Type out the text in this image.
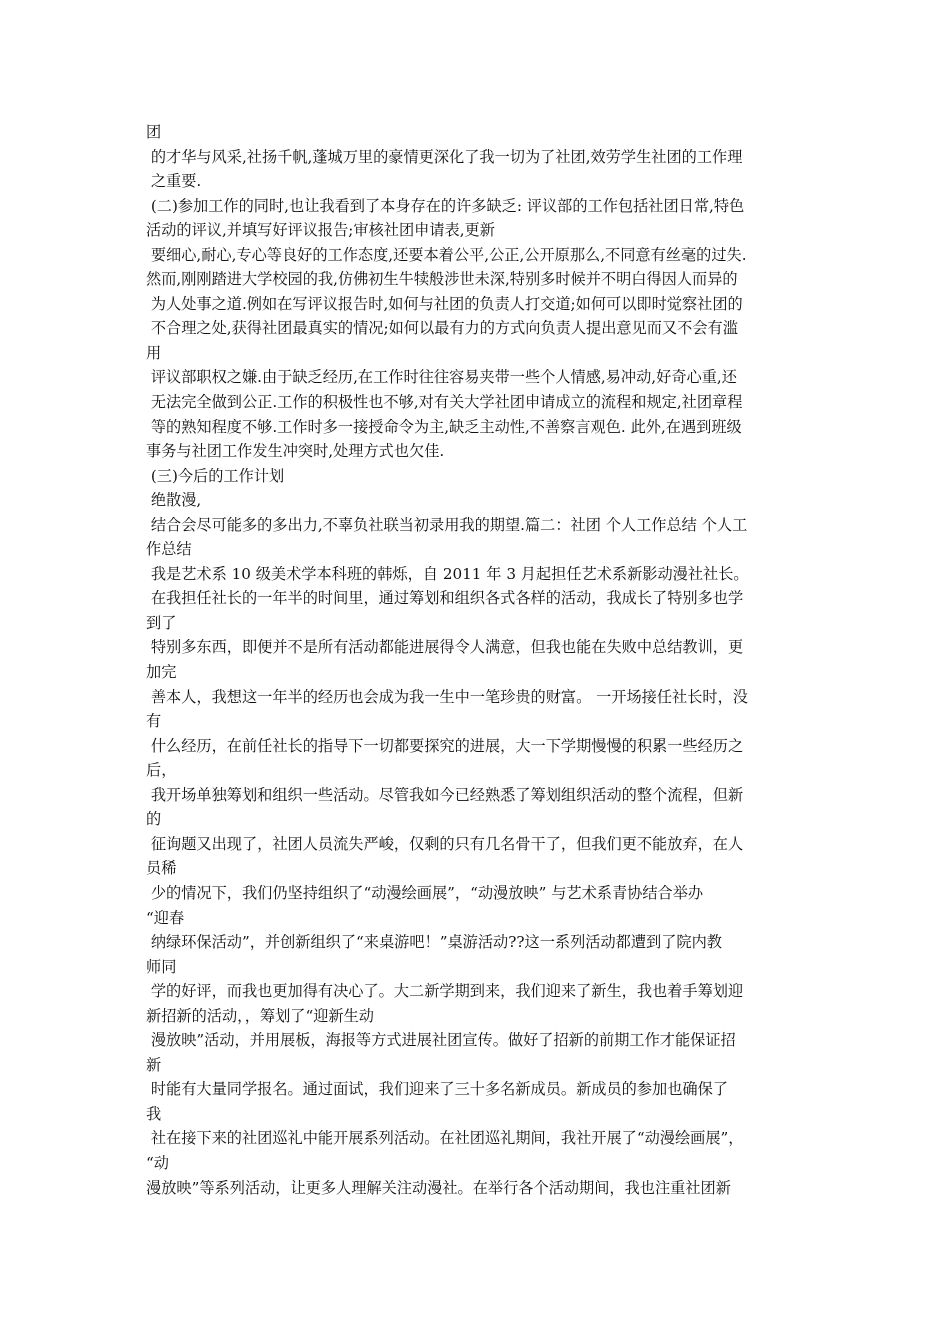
团
的才华与风采,社扬千帆,蓬城万里的豪情更深化了我一切为了社团,效劳学生社团的工作理
之重要.
(二)参加工作的同时,也让我看到了本身存在的许多缺乏: 评议部的工作包括社团日常,特色
活动的评议,并填写好评议报告;审核社团申请表,更新
要细心,耐心,专心等良好的工作态度,还要本着公平,公正,公开原那么,不同意有丝毫的过失.
然而,刚刚踏进大学校园的我,仿佛初生牛犊般涉世未深,特别多时候并不明白得因人而异的
为人处事之道.例如在写评议报告时,如何与社团的负责人打交道;如何可以即时觉察社团的
不合理之处,获得社团最真实的情况;如何以最有力的方式向负责人提出意见而又不会有滥
用
评议部职权之嫌.由于缺乏经历,在工作时往往容易夹带一些个人情感,易冲动,好奇心重,还
无法完全做到公正.工作的积极性也不够,对有关大学社团申请成立的流程和规定,社团章程
等的熟知程度不够.工作时多一接授命令为主,缺乏主动性,不善察言观色. 此外,在遇到班级
事务与社团工作发生冲突时,处理方式也欠佳.
(三)今后的工作计划
绝散漫,
结合会尽可能多的多出力,不辜负社联当初录用我的期望.篇二：社团 个人工作总结 个人工
作总结
我是艺术系 10 级美术学本科班的韩烁，自 2011 年 3 月起担任艺术系新影动漫社社长。
在我担任社长的一年半的时间里，通过筹划和组织各式各样的活动，我成长了特别多也学
到了
特别多东西，即便并不是所有活动都能进展得令人满意，但我也能在失败中总结教训，更
加完
善本人，我想这一年半的经历也会成为我一生中一笔珍贵的财富。 一开场接任社长时，没
有
什么经历，在前任社长的指导下一切都要探究的进展，大一下学期慢慢的积累一些经历之
后，
我开场单独筹划和组织一些活动。尽管我如今已经熟悉了筹划组织活动的整个流程，但新
的
征询题又出现了，社团人员流失严峻，仅剩的只有几名骨干了，但我们更不能放弃，在人
员稀
少的情况下，我们仍坚持组织了“动漫绘画展”，“动漫放映” 与艺术系青协结合举办
“迎春
纳绿环保活动”，并创新组织了“来桌游吧！”桌游活动??这一系列活动都遭到了院内教
师同
学的好评，而我也更加得有决心了。大二新学期到来，我们迎来了新生，我也着手筹划迎
新招新的活动，，筹划了“迎新生动
漫放映”活动，并用展板，海报等方式进展社团宣传。做好了招新的前期工作才能保证招
新
时能有大量同学报名。通过面试，我们迎来了三十多名新成员。新成员的参加也确保了
我
社在接下来的社团巡礼中能开展系列活动。在社团巡礼期间，我社开展了“动漫绘画展”，
“动
漫放映”等系列活动，让更多人理解关注动漫社。在举行各个活动期间，我也注重社团新
